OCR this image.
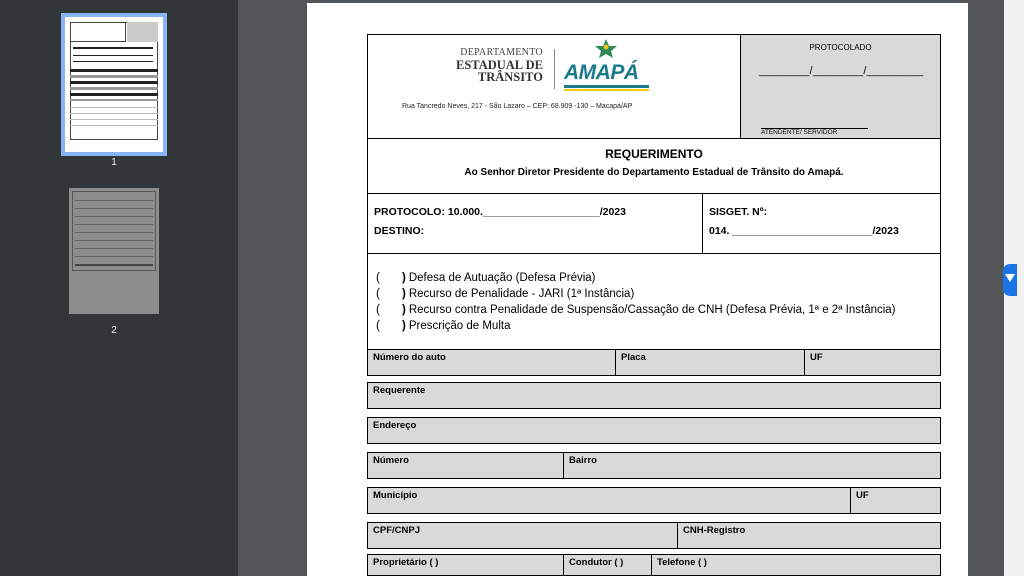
1
2
DEPARTAMENTO
ESTADUAL DE
TRÂNSITO AMAPÁ
Rua Tancredo Neves, 217 - São Lazaro – CEP: 68.909 -130 – Macapá/AP
PROTOCOLADO
________/________/_________
ATENDENTE/ SERVIDOR
REQUERIMENTO
Ao Senhor Diretor Presidente do Departamento Estadual de Trânsito do Amapá.
PROTOCOLO: 10.000.____________________/2023
DESTINO:
SISGET. Nº:
014. ________________________/2023
( ) Defesa de Autuação (Defesa Prévia)
( ) Recurso de Penalidade - JARI (1ª Instância)
( ) Recurso contra Penalidade de Suspensão/Cassação de CNH (Defesa Prévia, 1ª e 2ª Instância)
( ) Prescrição de Multa
Número do auto	Placa	UF
Requerente
Endereço
Número	Bairro
Município	UF
CPF/CNPJ	CNH-Registro
Proprietário ( )	Condutor ( )	Telefone ( )
